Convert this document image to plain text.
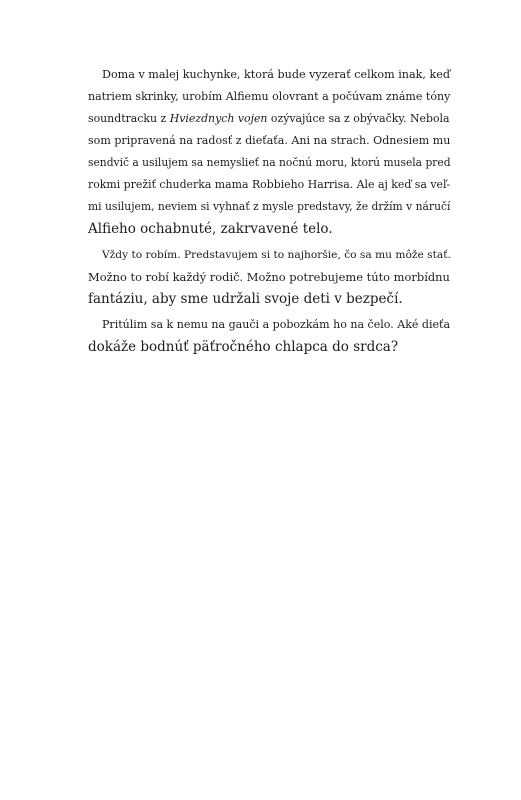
Doma v malej kuchynke, ktorá bude vyzerať celkom inak, keď
natriem skrinky, urobím Alfiemu olovrant a počúvam známe tóny
soundtracku z Hviezdnych vojen ozývajúce sa z obývačky. Nebola
som pripravená na radosť z dieťaťa. Ani na strach. Odnesiem mu
sendvič a usilujem sa nemyslieť na nočnú moru, ktorú musela pred
rokmi prežiť chuderka mama Robbieho Harrisa. Ale aj keď sa veľ-
mi usilujem, neviem si vyhnať z mysle predstavy, že držím v náručí
Alfieho ochabnuté, zakrvavené telo.

Vždy to robím. Predstavujem si to najhoršie, čo sa mu môže stať.
Možno to robí každý rodič. Možno potrebujeme túto morbídnu
fantáziu, aby sme udržali svoje deti v bezpečí.

Pritúlim sa k nemu na gauči a pobozkám ho na čelo. Aké dieťa
dokáže bodnúť päťročného chlapca do srdca?
